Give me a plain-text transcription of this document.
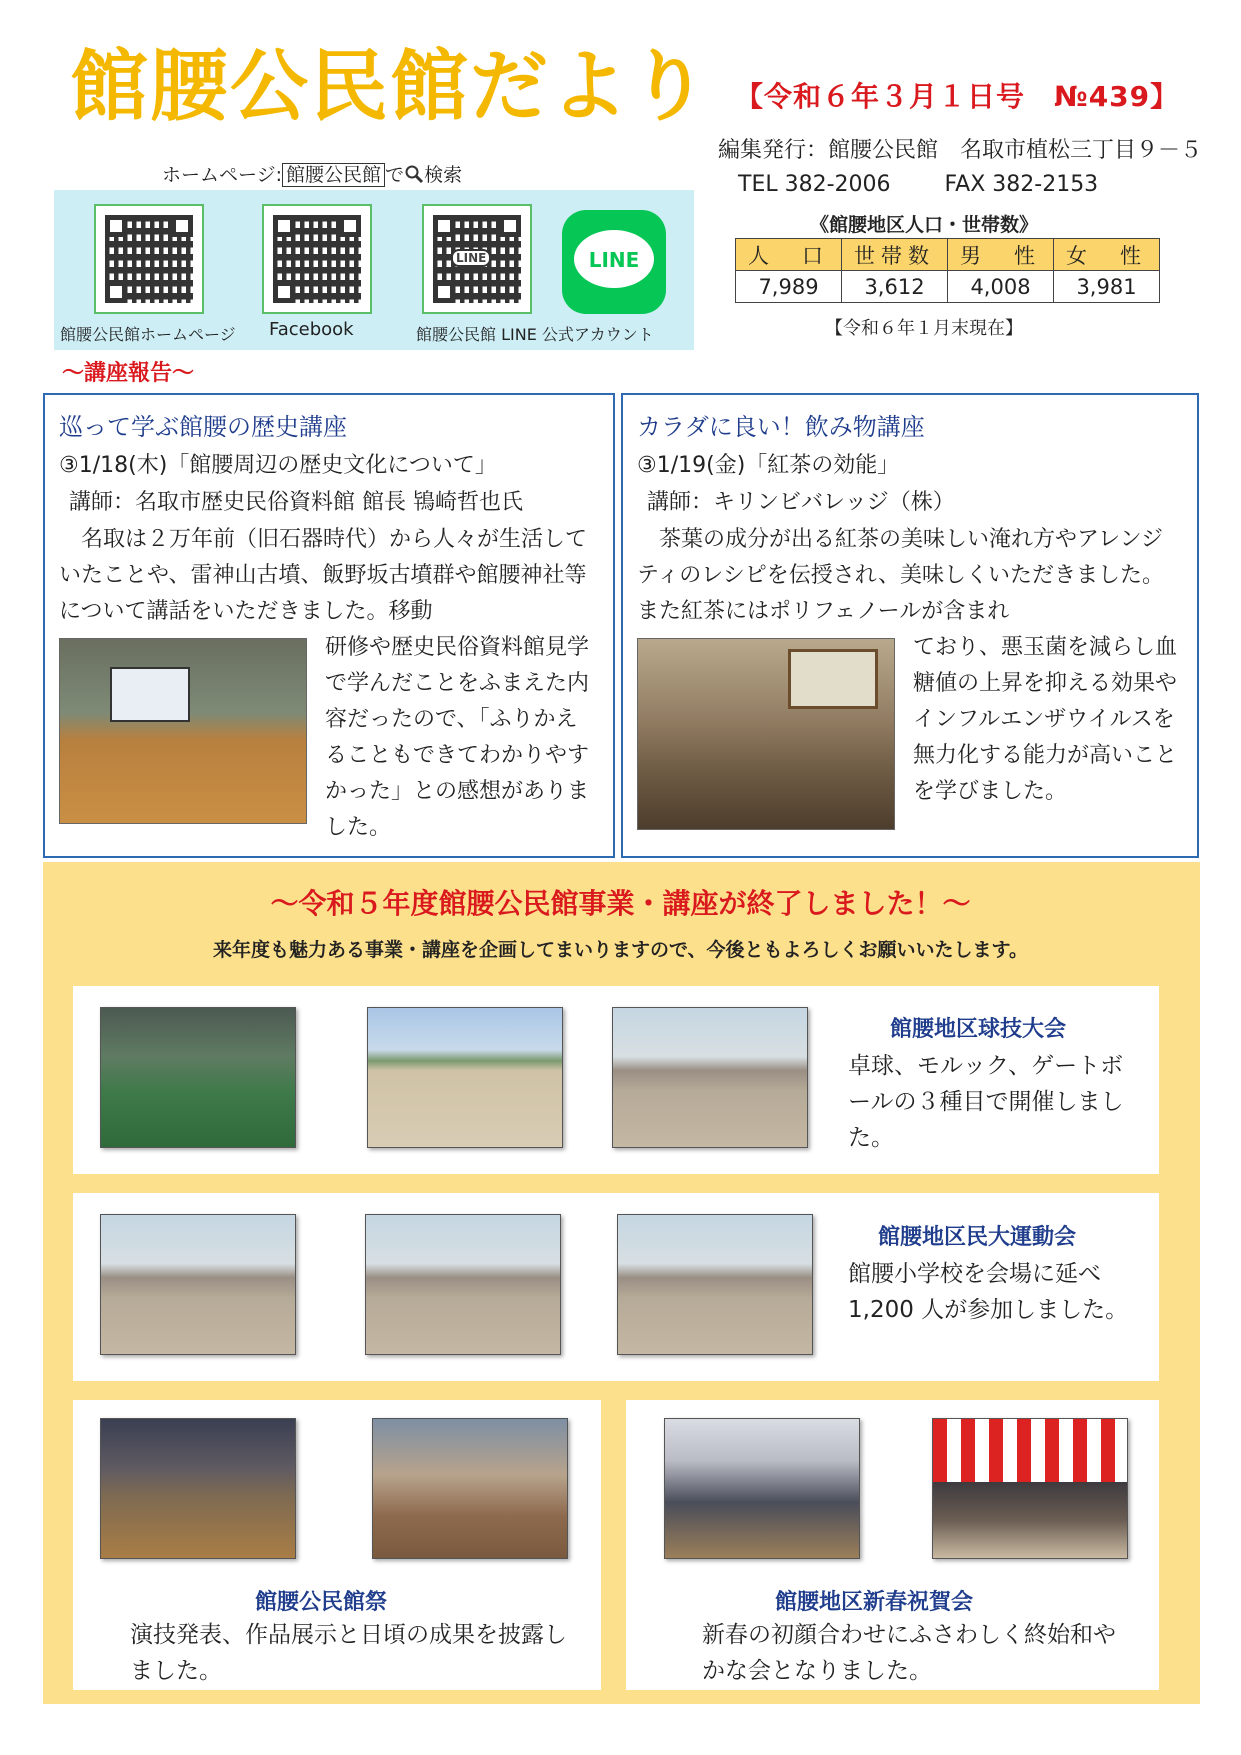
館腰公民館だより 【令和６年３月１日号　№439】
ホームページ: 館腰公民館 で 検索
編集発行：館腰公民館　名取市植松三丁目９－５
TEL 382-2006 FAX 382-2153
LINE	LINE
館腰公民館ホームページ Facebook	館腰公民館 LINE 公式アカウント
《館腰地区人口・世帯数》
人　口	世帯数	男　性	女　性
7,989	3,612	4,008	3,981
【令和６年１月末現在】
～講座報告～
巡って学ぶ館腰の歴史講座
③1/18(木)「館腰周辺の歴史文化について」
講師：名取市歴史民俗資料館 館長 鴇崎哲也氏
名取は２万年前（旧石器時代）から人々が生活していたことや、雷神山古墳、飯野坂古墳群や館腰神社等について講話をいただきました。移動
研修や歴史民俗資料館見学で学んだことをふまえた内容だったので、「ふりかえることもできてわかりやすかった」との感想がありました。
カラダに良い！飲み物講座
③1/19(金)「紅茶の効能」
講師：キリンビバレッジ（株）
茶葉の成分が出る紅茶の美味しい淹れ方やアレンジティのレシピを伝授され、美味しくいただきました。また紅茶にはポリフェノールが含まれ
ており、悪玉菌を減らし血糖値の上昇を抑える効果やインフルエンザウイルスを無力化する能力が高いことを学びました。
～令和５年度館腰公民館事業・講座が終了しました！～
来年度も魅力ある事業・講座を企画してまいりますので、今後ともよろしくお願いいたします。
館腰地区球技大会
卓球、モルック、ゲートボールの３種目で開催しました。
館腰地区民大運動会
館腰小学校を会場に延べ1,200 人が参加しました。
館腰公民館祭
演技発表、作品展示と日頃の成果を披露しました。
館腰地区新春祝賀会
新春の初顔合わせにふさわしく終始和やかな会となりました。
